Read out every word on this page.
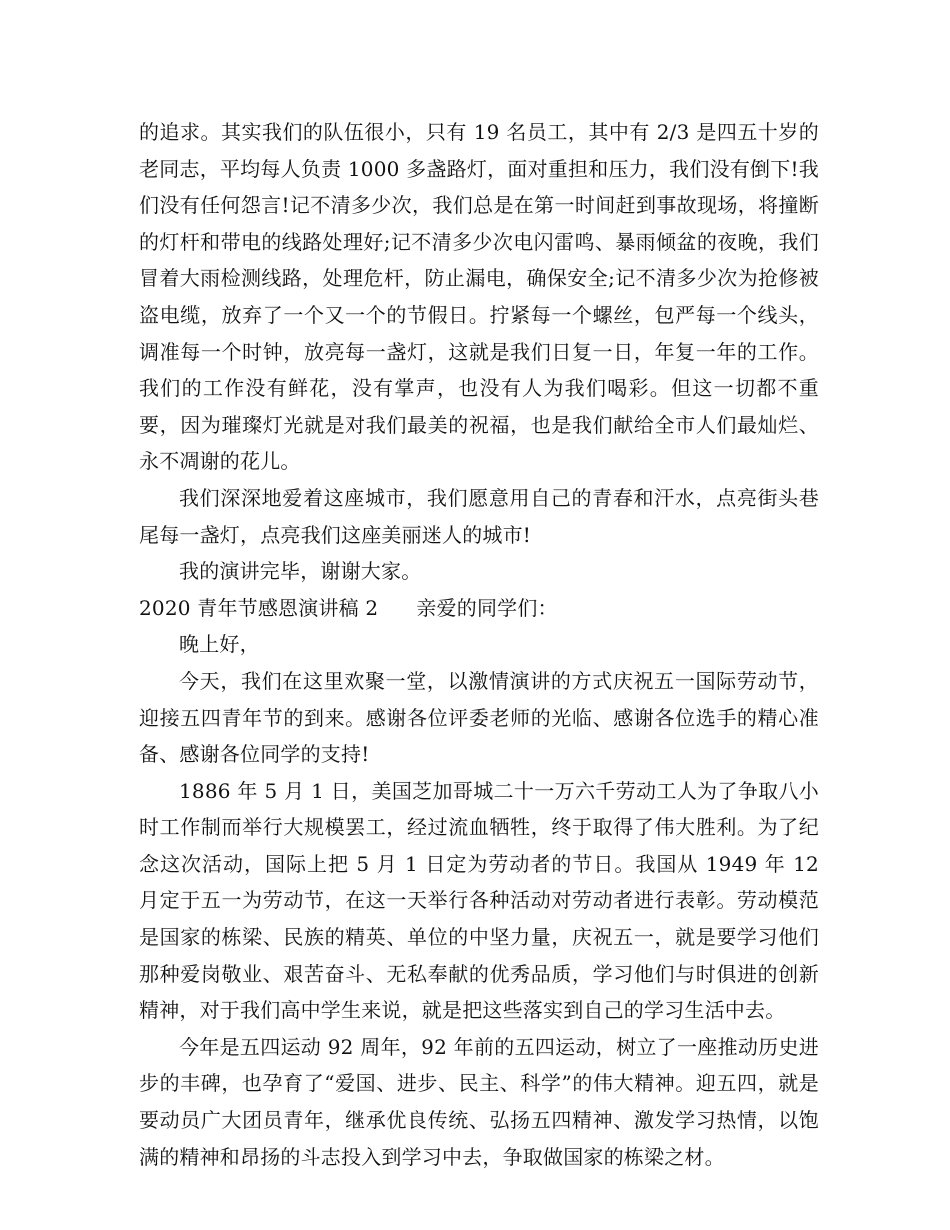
的追求。其实我们的队伍很小，只有 19 名员工，其中有 2/3 是四五十岁的老同志，平均每人负责 1000 多盏路灯，面对重担和压力，我们没有倒下!我们没有任何怨言!记不清多少次，我们总是在第一时间赶到事故现场，将撞断的灯杆和带电的线路处理好;记不清多少次电闪雷鸣、暴雨倾盆的夜晚，我们冒着大雨检测线路，处理危杆，防止漏电，确保安全;记不清多少次为抢修被盗电缆，放弃了一个又一个的节假日。拧紧每一个螺丝，包严每一个线头，调准每一个时钟，放亮每一盏灯，这就是我们日复一日，年复一年的工作。我们的工作没有鲜花，没有掌声，也没有人为我们喝彩。但这一切都不重要，因为璀璨灯光就是对我们最美的祝福，也是我们献给全市人们最灿烂、永不凋谢的花儿。

我们深深地爱着这座城市，我们愿意用自己的青春和汗水，点亮街头巷尾每一盏灯，点亮我们这座美丽迷人的城市!

我的演讲完毕，谢谢大家。

2020 青年节感恩演讲稿 2 亲爱的同学们：

晚上好，

今天，我们在这里欢聚一堂，以激情演讲的方式庆祝五一国际劳动节，迎接五四青年节的到来。感谢各位评委老师的光临、感谢各位选手的精心准备、感谢各位同学的支持!

1886 年 5 月 1 日，美国芝加哥城二十一万六千劳动工人为了争取八小时工作制而举行大规模罢工，经过流血牺牲，终于取得了伟大胜利。为了纪念这次活动，国际上把 5 月 1 日定为劳动者的节日。我国从 1949 年 12 月定于五一为劳动节，在这一天举行各种活动对劳动者进行表彰。劳动模范是国家的栋梁、民族的精英、单位的中坚力量，庆祝五一，就是要学习他们那种爱岗敬业、艰苦奋斗、无私奉献的优秀品质，学习他们与时俱进的创新精神，对于我们高中学生来说，就是把这些落实到自己的学习生活中去。

今年是五四运动 92 周年，92 年前的五四运动，树立了一座推动历史进步的丰碑，也孕育了“爱国、进步、民主、科学”的伟大精神。迎五四，就是要动员广大团员青年，继承优良传统、弘扬五四精神、激发学习热情，以饱满的精神和昂扬的斗志投入到学习中去，争取做国家的栋梁之材。
